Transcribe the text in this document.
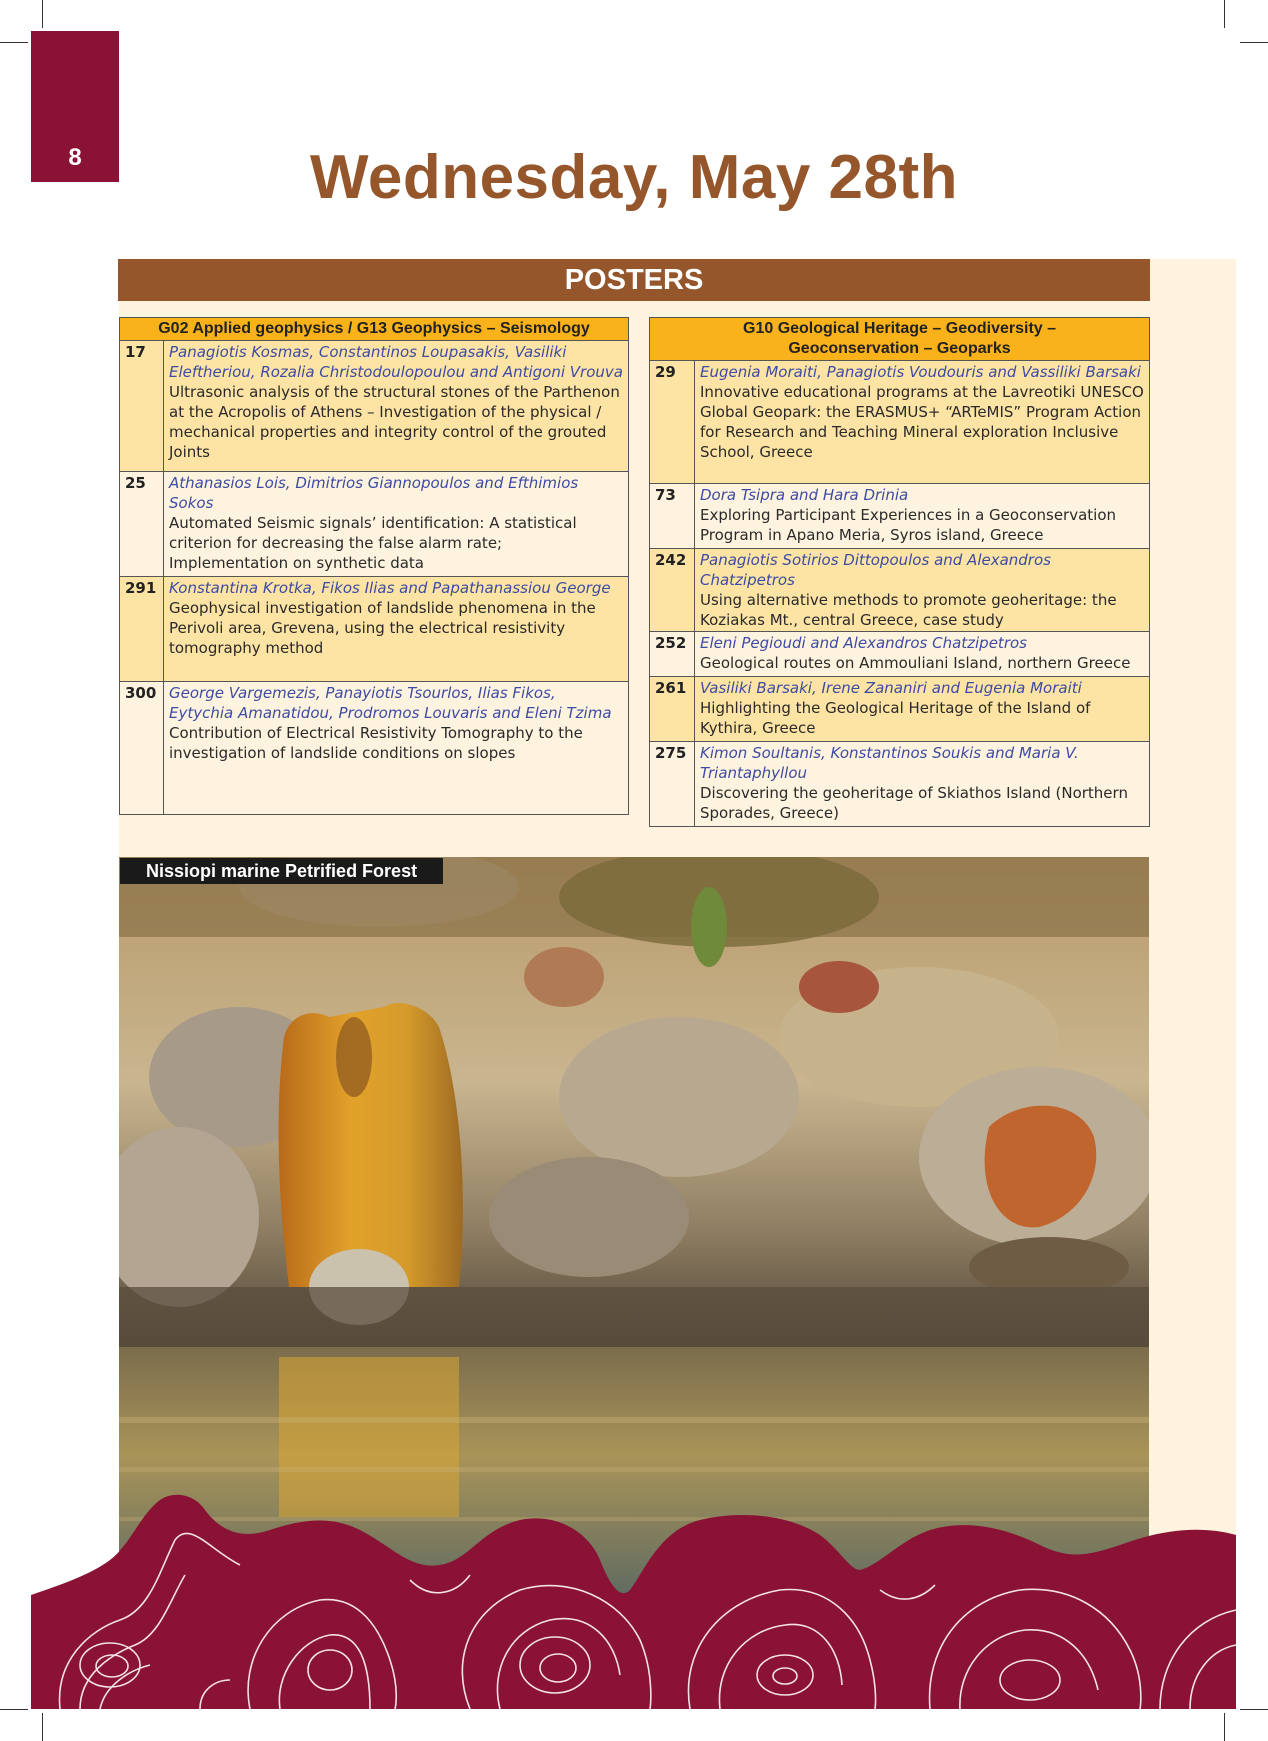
8	Wednesday, May 28th
POSTERS
G02 Applied geophysics / G13 Geophysics – Seismology	
17	Panagiotis Kosmas, Constantinos Loupasakis, Vasiliki Eleftheriou, Rozalia Christodoulopoulou and Antigoni Vrouva
Ultrasonic analysis of the structural stones of the Parthenon at the Acropolis of Athens – Investigation of the physical / mechanical properties and integrity control of the grouted Joints

25	Athanasios Lois, Dimitrios Giannopoulos and Efthimios Sokos
Automated Seismic signals’ identification: A statistical criterion for decreasing the false alarm rate; Implementation on synthetic data

291	Konstantina Krotka, Fikos Ilias and Papathanassiou George
Geophysical investigation of landslide phenomena in the Perivoli area, Grevena, using the electrical resistivity tomography method

300	George Vargemezis, Panayiotis Tsourlos, Ilias Fikos, Eytychia Amanatidou, Prodromos Louvaris and Eleni Tzima
Contribution of Electrical Resistivity Tomography to the investigation of landslide conditions on slopes
G10 Geological Heritage – Geodiversity –
Geoconservation – Geoparks	

29	Eugenia Moraiti, Panagiotis Voudouris and Vassiliki Barsaki
Innovative educational programs at the Lavreotiki UNESCO Global Geopark: the ERASMUS+ “ARTeMIS” Program Action for Research and Teaching Mineral exploration Inclusive School, Greece

73	Dora Tsipra and Hara Drinia
Exploring Participant Experiences in a Geoconservation Program in Apano Meria, Syros island, Greece

242	Panagiotis Sotirios Dittopoulos and Alexandros Chatzipetros
Using alternative methods to promote geoheritage: the Koziakas Mt., central Greece, case study

252	Eleni Pegioudi and Alexandros Chatzipetros
Geological routes on Ammouliani Island, northern Greece

261	Vasiliki Barsaki, Irene Zananiri and Eugenia Moraiti
Highlighting the Geological Heritage of the Island of Kythira, Greece

275	Kimon Soultanis, Konstantinos Soukis and Maria V. Triantaphyllou
Discovering the geoheritage of Skiathos Island (Northern Sporades, Greece)
Nissiopi marine Petrified Forest
